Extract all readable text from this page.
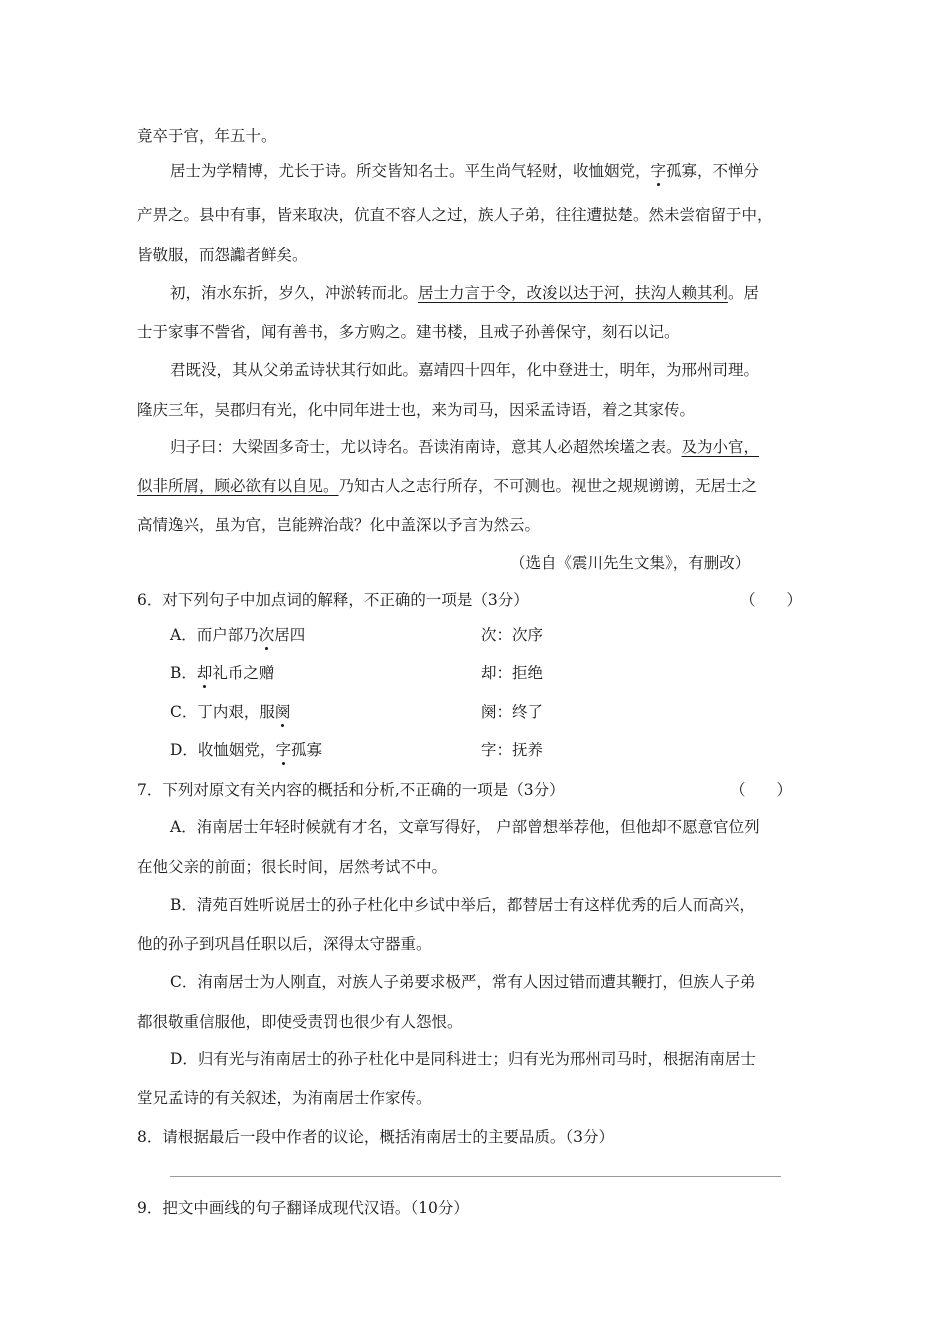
竟卒于官，年五十。
居士为学精博，尤长于诗。所交皆知名士。平生尚气轻财，收恤姻党，字孤寡，不惮分
产畀之。县中有事，皆来取决，伉直不容人之过，族人子弟，往往遭挞楚。然未尝宿留于中，
皆敬服，而怨讟者鲜矣。
初，洧水东折，岁久，冲淤转而北。居士力言于令，改浚以达于河，扶沟人赖其利。居
士于家事不訾省，闻有善书，多方购之。建书楼，且戒子孙善保守，刻石以记。
君既没，其从父弟孟诗状其行如此。嘉靖四十四年，化中登进士，明年，为邢州司理。
隆庆三年，吴郡归有光，化中同年进士也，来为司马，因采孟诗语，着之其家传。
归子曰：大梁固多奇士，尤以诗名。吾读洧南诗，意其人必超然埃壒之表。及为小官，
似非所屑，顾必欲有以自见。乃知古人之志行所存，不可测也。视世之规规谫谫，无居士之
高情逸兴，虽为官，岂能辨治哉？化中盖深以予言为然云。
（选自《震川先生文集》，有删改）
6．对下列句子中加点词的解释，不正确的一项是（3分）	（　　）
A．而户部乃次居四	次：次序
B．却礼币之赠	却：拒绝
C．丁内艰，服阕	阕：终了
D．收恤姻党，字孤寡	字：抚养
7．下列对原文有关内容的概括和分析,不正确的一项是（3分）	（　　）
A．洧南居士年轻时候就有才名，文章写得好， 户部曾想举荐他，但他却不愿意官位列
在他父亲的前面；很长时间，居然考试不中。
B．清苑百姓听说居士的孙子杜化中乡试中举后，都替居士有这样优秀的后人而高兴，
他的孙子到巩昌任职以后，深得太守器重。
C．洧南居士为人刚直，对族人子弟要求极严，常有人因过错而遭其鞭打，但族人子弟
都很敬重信服他，即使受责罚也很少有人怨恨。
D．归有光与洧南居士的孙子杜化中是同科进士；归有光为邢州司马时，根据洧南居士
堂兄孟诗的有关叙述，为洧南居士作家传。
8．请根据最后一段中作者的议论，概括洧南居士的主要品质。（3分）
9．把文中画线的句子翻译成现代汉语。（10分）
